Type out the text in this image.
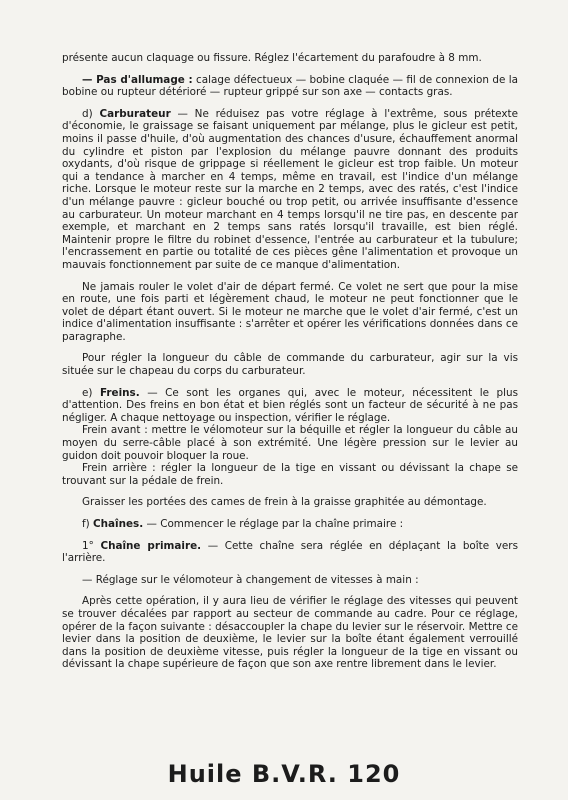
présente aucun claquage ou fissure. Réglez l'écartement du parafoudre à 8 mm.

— Pas d'allumage : calage défectueux — bobine claquée — fil de connexion de la bobine ou rupteur détérioré — rupteur grippé sur son axe — contacts gras.

d) Carburateur — Ne réduisez pas votre réglage à l'extrême, sous prétexte d'économie, le graissage se faisant uniquement par mélange, plus le gicleur est petit, moins il passe d'huile, d'où augmentation des chances d'usure, échauffement anormal du cylindre et piston par l'explosion du mélange pauvre donnant des produits oxydants, d'où risque de grippage si réellement le gicleur est trop faible. Un moteur qui a tendance à marcher en 4 temps, même en travail, est l'indice d'un mélange riche. Lorsque le moteur reste sur la marche en 2 temps, avec des ratés, c'est l'indice d'un mélange pauvre : gicleur bouché ou trop petit, ou arrivée insuffisante d'essence au carburateur. Un moteur marchant en 4 temps lorsqu'il ne tire pas, en descente par exemple, et marchant en 2 temps sans ratés lorsqu'il travaille, est bien réglé. Maintenir propre le filtre du robinet d'essence, l'entrée au carburateur et la tubulure; l'encrassement en partie ou totalité de ces pièces gêne l'alimentation et provoque un mauvais fonctionnement par suite de ce manque d'alimentation.

Ne jamais rouler le volet d'air de départ fermé. Ce volet ne sert que pour la mise en route, une fois parti et légèrement chaud, le moteur ne peut fonctionner que le volet de départ étant ouvert. Si le moteur ne marche que le volet d'air fermé, c'est un indice d'alimentation insuffisante : s'arrêter et opérer les vérifications données dans ce paragraphe.

Pour régler la longueur du câble de commande du carburateur, agir sur la vis située sur le chapeau du corps du carburateur.

e) Freins. — Ce sont les organes qui, avec le moteur, nécessitent le plus d'attention. Des freins en bon état et bien réglés sont un facteur de sécurité à ne pas négliger. A chaque nettoyage ou inspection, vérifier le réglage.

Frein avant : mettre le vélomoteur sur la béquille et régler la longueur du câble au moyen du serre-câble placé à son extrémité. Une légère pression sur le levier au guidon doit pouvoir bloquer la roue.

Frein arrière : régler la longueur de la tige en vissant ou dévissant la chape se trouvant sur la pédale de frein.

Graisser les portées des cames de frein à la graisse graphitée au démontage.

f) Chaînes. — Commencer le réglage par la chaîne primaire :

1° Chaîne primaire. — Cette chaîne sera réglée en déplaçant la boîte vers l'arrière.

— Réglage sur le vélomoteur à changement de vitesses à main :

Après cette opération, il y aura lieu de vérifier le réglage des vitesses qui peuvent se trouver décalées par rapport au secteur de commande au cadre. Pour ce réglage, opérer de la façon suivante : désaccoupler la chape du levier sur le réservoir. Mettre ce levier dans la position de deuxième, le levier sur la boîte étant également verrouillé dans la position de deuxième vitesse, puis régler la longueur de la tige en vissant ou dévissant la chape supérieure de façon que son axe rentre librement dans le levier.

Huile B.V.R. 120
